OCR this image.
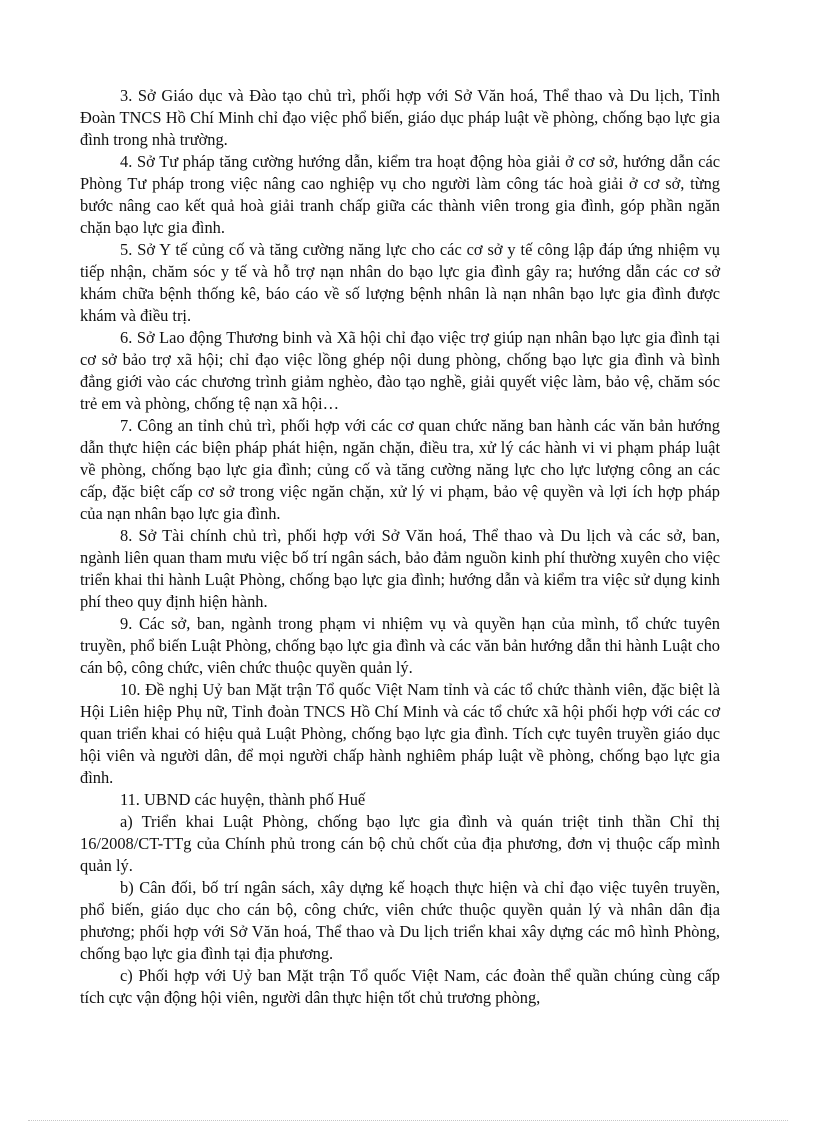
3. Sở Giáo dục và Đào tạo chủ trì, phối hợp với Sở Văn hoá, Thể thao và Du lịch, Tỉnh Đoàn TNCS Hồ Chí Minh chỉ đạo việc phổ biến, giáo dục pháp luật về phòng, chống bạo lực gia đình trong nhà trường.

4. Sở Tư pháp tăng cường hướng dẫn, kiểm tra hoạt động hòa giải ở cơ sở, hướng dẫn các Phòng Tư pháp trong việc nâng cao nghiệp vụ cho người làm công tác hoà giải ở cơ sở, từng bước nâng cao kết quả hoà giải tranh chấp giữa các thành viên trong gia đình, góp phần ngăn chặn bạo lực gia đình.

5. Sở Y tế củng cố và tăng cường năng lực cho các cơ sở y tế công lập đáp ứng nhiệm vụ tiếp nhận, chăm sóc y tế và hỗ trợ nạn nhân do bạo lực gia đình gây ra; hướng dẫn các cơ sở khám chữa bệnh thống kê, báo cáo về số lượng bệnh nhân là nạn nhân bạo lực gia đình được khám và điều trị.

6. Sở Lao động Thương binh và Xã hội chỉ đạo việc trợ giúp nạn nhân bạo lực gia đình tại cơ sở bảo trợ xã hội; chỉ đạo việc lồng ghép nội dung phòng, chống bạo lực gia đình và bình đẳng giới vào các chương trình giảm nghèo, đào tạo nghề, giải quyết việc làm, bảo vệ, chăm sóc trẻ em và phòng, chống tệ nạn xã hội…

7. Công an tỉnh chủ trì, phối hợp với các cơ quan chức năng ban hành các văn bản hướng dẫn thực hiện các biện pháp phát hiện, ngăn chặn, điều tra, xử lý các hành vi vi phạm pháp luật về phòng, chống bạo lực gia đình; củng cố và tăng cường năng lực cho lực lượng công an các cấp, đặc biệt cấp cơ sở trong việc ngăn chặn, xử lý vi phạm, bảo vệ quyền và lợi ích hợp pháp của nạn nhân bạo lực gia đình.

8. Sở Tài chính chủ trì, phối hợp với Sở Văn hoá, Thể thao và Du lịch và các sở, ban, ngành liên quan tham mưu việc bố trí ngân sách, bảo đảm nguồn kinh phí thường xuyên cho việc triển khai thi hành Luật Phòng, chống bạo lực gia đình; hướng dẫn và kiểm tra việc sử dụng kinh phí theo quy định hiện hành.

9. Các sở, ban, ngành trong phạm vi nhiệm vụ và quyền hạn của mình, tổ chức tuyên truyền, phổ biến Luật Phòng, chống bạo lực gia đình và các văn bản hướng dẫn thi hành Luật cho cán bộ, công chức, viên chức thuộc quyền quản lý.

10. Đề nghị Uỷ ban Mặt trận Tổ quốc Việt Nam tỉnh và các tổ chức thành viên, đặc biệt là Hội Liên hiệp Phụ nữ, Tỉnh đoàn TNCS Hồ Chí Minh và các tổ chức xã hội phối hợp với các cơ quan triển khai có hiệu quả Luật Phòng, chống bạo lực gia đình. Tích cực tuyên truyền giáo dục hội viên và người dân, để mọi người chấp hành nghiêm pháp luật về phòng, chống bạo lực gia đình.

11. UBND các huyện, thành phố Huế

a) Triển khai Luật Phòng, chống bạo lực gia đình và quán triệt tinh thần Chỉ thị 16/2008/CT-TTg của Chính phủ trong cán bộ chủ chốt của địa phương, đơn vị thuộc cấp mình quản lý.

b) Cân đối, bố trí ngân sách, xây dựng kế hoạch thực hiện và chỉ đạo việc tuyên truyền, phổ biến, giáo dục cho cán bộ, công chức, viên chức thuộc quyền quản lý và nhân dân địa phương; phối hợp với Sở Văn hoá, Thể thao và Du lịch triển khai xây dựng các mô hình Phòng, chống bạo lực gia đình tại địa phương.

c) Phối hợp với Uỷ ban Mặt trận Tổ quốc Việt Nam, các đoàn thể quần chúng cùng cấp tích cực vận động hội viên, người dân thực hiện tốt chủ trương phòng,
